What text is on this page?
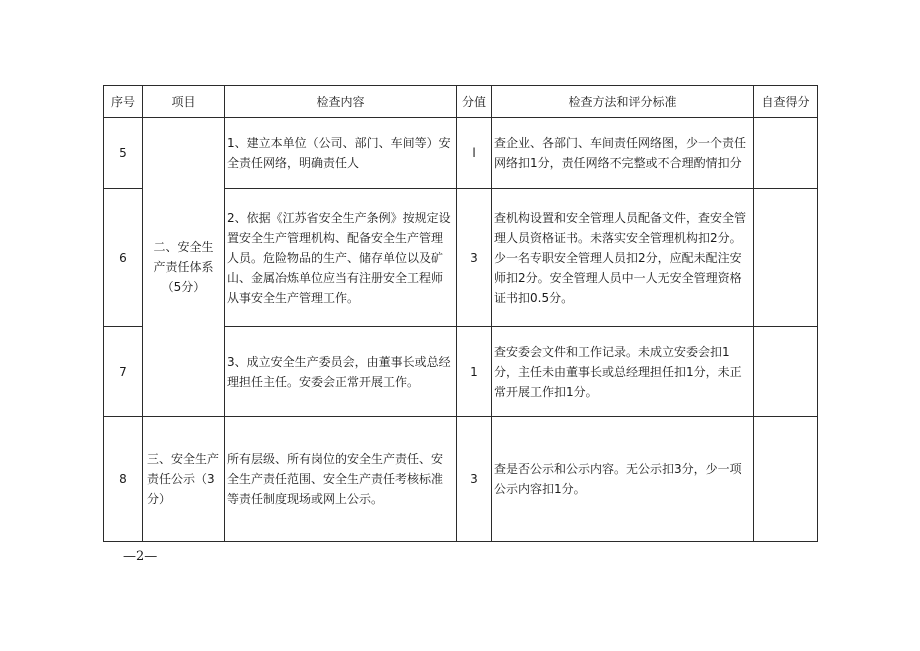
序号	项目	检查内容	分值	检查方法和评分标准	自查得分
5	二、安全生产责任体系（5分）	1、建立本单位（公司、部门、车间等）安全责任网络，明确责任人	l	查企业、各部门、车间责任网络图，少一个责任网络扣1分，责任网络不完整或不合理酌情扣分	
6		2、依据《江苏省安全生产条例》按规定设置安全生产管理机构、配备安全生产管理人员。危险物品的生产、储存单位以及矿山、金属冶炼单位应当有注册安全工程师从事安全生产管理工作。	3	查机构设置和安全管理人员配备文件，查安全管理人员资格证书。未落实安全管理机构扣2分。少一名专职安全管理人员扣2分，应配未配注安师扣2分。安全管理人员中一人无安全管理资格证书扣0.5分。	
7		3、成立安全生产委员会，由董事长或总经理担任主任。安委会正常开展工作。	1	查安委会文件和工作记录。未成立安委会扣1分，主任未由董事长或总经理担任扣1分，未正常开展工作扣1分。	
8	三、安全生产责任公示（3分）	所有层级、所有岗位的安全生产责任、安全生产责任范围、安全生产责任考核标准等责任制度现场或网上公示。	3	查是否公示和公示内容。无公示扣3分，少一项公示内容扣1分。	
—2—
